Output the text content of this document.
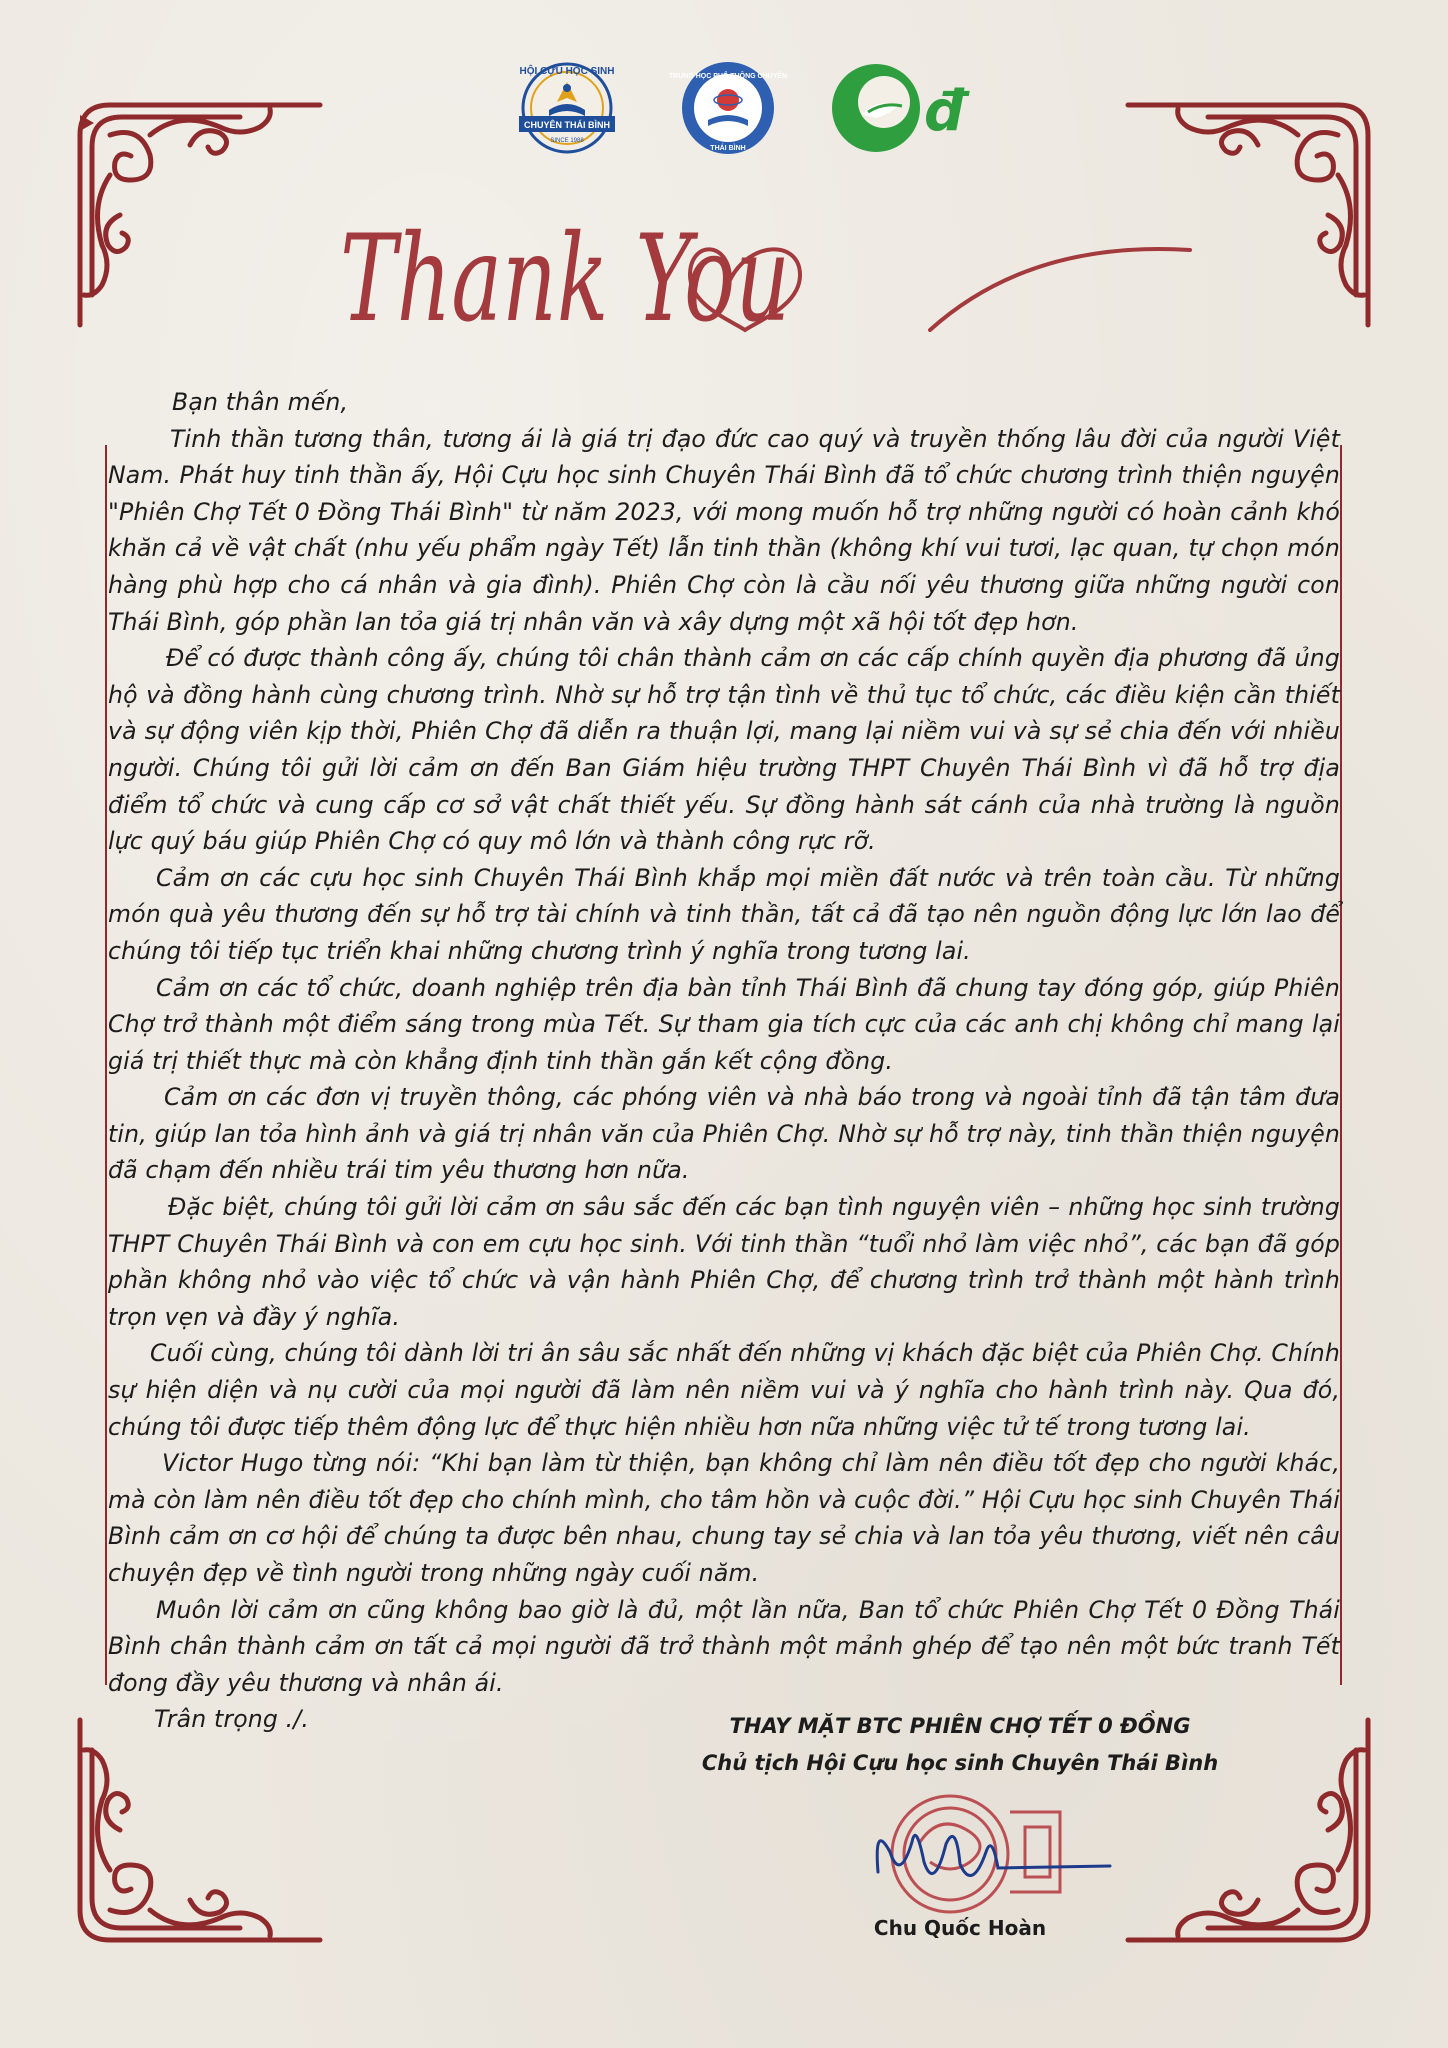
HỘI CỰU HỌC SINH
CHUYÊN THÁI BÌNH
SINCE 1988
TRUNG HỌC PHỔ THÔNG CHUYÊN
THÁI BÌNH
đ
Thank You

Bạn thân mến,

Tinh thần tương thân, tương ái là giá trị đạo đức cao quý và truyền thống lâu đời của người Việt Nam. Phát huy tinh thần ấy, Hội Cựu học sinh Chuyên Thái Bình đã tổ chức chương trình thiện nguyện "Phiên Chợ Tết 0 Đồng Thái Bình" từ năm 2023, với mong muốn hỗ trợ những người có hoàn cảnh khó khăn cả về vật chất (nhu yếu phẩm ngày Tết) lẫn tinh thần (không khí vui tươi, lạc quan, tự chọn món hàng phù hợp cho cá nhân và gia đình). Phiên Chợ còn là cầu nối yêu thương giữa những người con Thái Bình, góp phần lan tỏa giá trị nhân văn và xây dựng một xã hội tốt đẹp hơn.

Để có được thành công ấy, chúng tôi chân thành cảm ơn các cấp chính quyền địa phương đã ủng hộ và đồng hành cùng chương trình. Nhờ sự hỗ trợ tận tình về thủ tục tổ chức, các điều kiện cần thiết và sự động viên kịp thời, Phiên Chợ đã diễn ra thuận lợi, mang lại niềm vui và sự sẻ chia đến với nhiều người. Chúng tôi gửi lời cảm ơn đến Ban Giám hiệu trường THPT Chuyên Thái Bình vì đã hỗ trợ địa điểm tổ chức và cung cấp cơ sở vật chất thiết yếu. Sự đồng hành sát cánh của nhà trường là nguồn lực quý báu giúp Phiên Chợ có quy mô lớn và thành công rực rỡ.

Cảm ơn các cựu học sinh Chuyên Thái Bình khắp mọi miền đất nước và trên toàn cầu. Từ những món quà yêu thương đến sự hỗ trợ tài chính và tinh thần, tất cả đã tạo nên nguồn động lực lớn lao để chúng tôi tiếp tục triển khai những chương trình ý nghĩa trong tương lai.

Cảm ơn các tổ chức, doanh nghiệp trên địa bàn tỉnh Thái Bình đã chung tay đóng góp, giúp Phiên Chợ trở thành một điểm sáng trong mùa Tết. Sự tham gia tích cực của các anh chị không chỉ mang lại giá trị thiết thực mà còn khẳng định tinh thần gắn kết cộng đồng.

Cảm ơn các đơn vị truyền thông, các phóng viên và nhà báo trong và ngoài tỉnh đã tận tâm đưa tin, giúp lan tỏa hình ảnh và giá trị nhân văn của Phiên Chợ. Nhờ sự hỗ trợ này, tinh thần thiện nguyện đã chạm đến nhiều trái tim yêu thương hơn nữa.

Đặc biệt, chúng tôi gửi lời cảm ơn sâu sắc đến các bạn tình nguyện viên – những học sinh trường THPT Chuyên Thái Bình và con em cựu học sinh. Với tinh thần “tuổi nhỏ làm việc nhỏ”, các bạn đã góp phần không nhỏ vào việc tổ chức và vận hành Phiên Chợ, để chương trình trở thành một hành trình trọn vẹn và đầy ý nghĩa.

Cuối cùng, chúng tôi dành lời tri ân sâu sắc nhất đến những vị khách đặc biệt của Phiên Chợ. Chính sự hiện diện và nụ cười của mọi người đã làm nên niềm vui và ý nghĩa cho hành trình này. Qua đó, chúng tôi được tiếp thêm động lực để thực hiện nhiều hơn nữa những việc tử tế trong tương lai.

Victor Hugo từng nói: “Khi bạn làm từ thiện, bạn không chỉ làm nên điều tốt đẹp cho người khác, mà còn làm nên điều tốt đẹp cho chính mình, cho tâm hồn và cuộc đời.” Hội Cựu học sinh Chuyên Thái Bình cảm ơn cơ hội để chúng ta được bên nhau, chung tay sẻ chia và lan tỏa yêu thương, viết nên câu chuyện đẹp về tình người trong những ngày cuối năm.

Muôn lời cảm ơn cũng không bao giờ là đủ, một lần nữa, Ban tổ chức Phiên Chợ Tết 0 Đồng Thái Bình chân thành cảm ơn tất cả mọi người đã trở thành một mảnh ghép để tạo nên một bức tranh Tết đong đầy yêu thương và nhân ái.

Trân trọng ./.	THAY MẶT BTC PHIÊN CHỢ TẾT 0 ĐỒNG
Chủ tịch Hội Cựu học sinh Chuyên Thái Bình
Chu Quốc Hoàn
